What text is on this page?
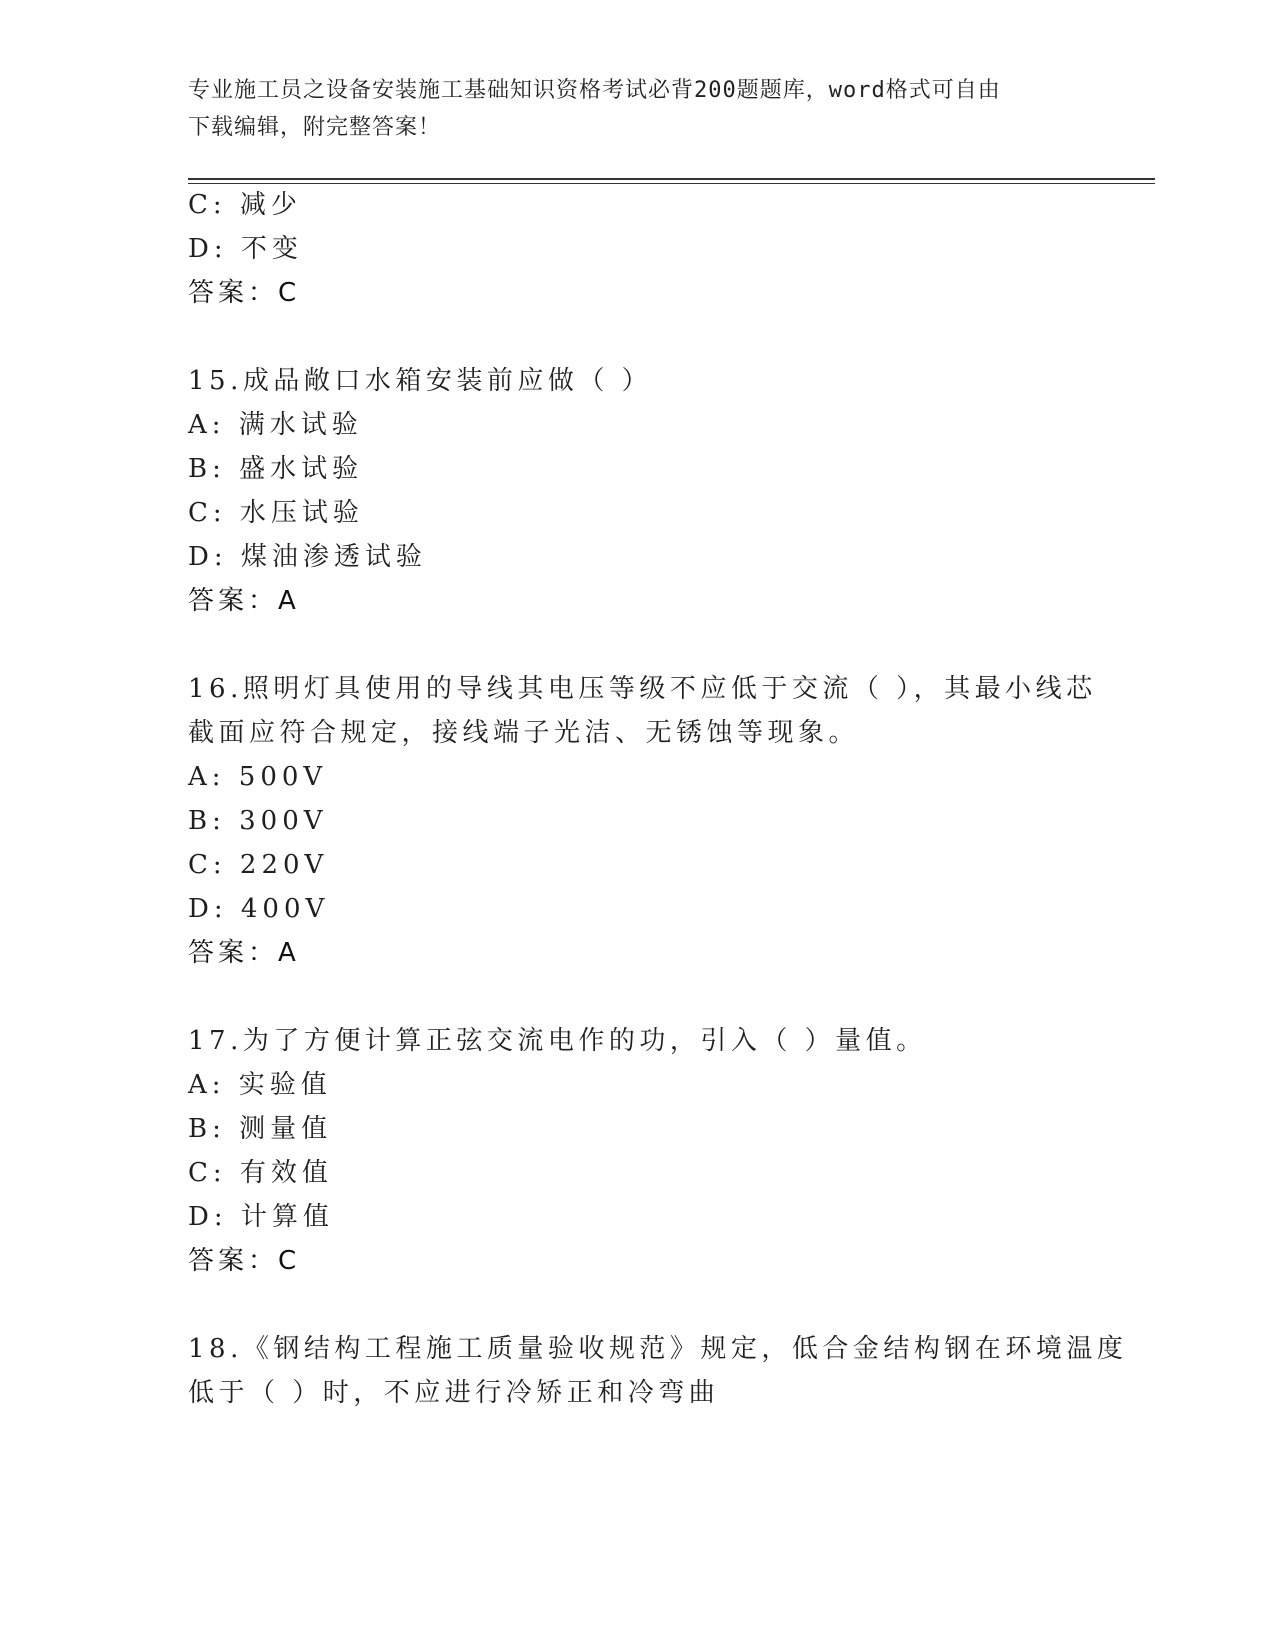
专业施工员之设备安装施工基础知识资格考试必背200题题库，word格式可自由
下载编辑，附完整答案！
C: 减少
D: 不变
答案：C
15.成品敞口水箱安装前应做（ ）
A: 满水试验
B: 盛水试验
C: 水压试验
D: 煤油渗透试验
答案：A
16.照明灯具使用的导线其电压等级不应低于交流（ ），其最小线芯
截面应符合规定，接线端子光洁、无锈蚀等现象。
A: 500V
B: 300V
C: 220V
D: 400V
答案：A
17.为了方便计算正弦交流电作的功，引入（ ）量值。
A: 实验值
B: 测量值
C: 有效值
D: 计算值
答案：C
18.《钢结构工程施工质量验收规范》规定，低合金结构钢在环境温度
低于（ ）时，不应进行冷矫正和冷弯曲
